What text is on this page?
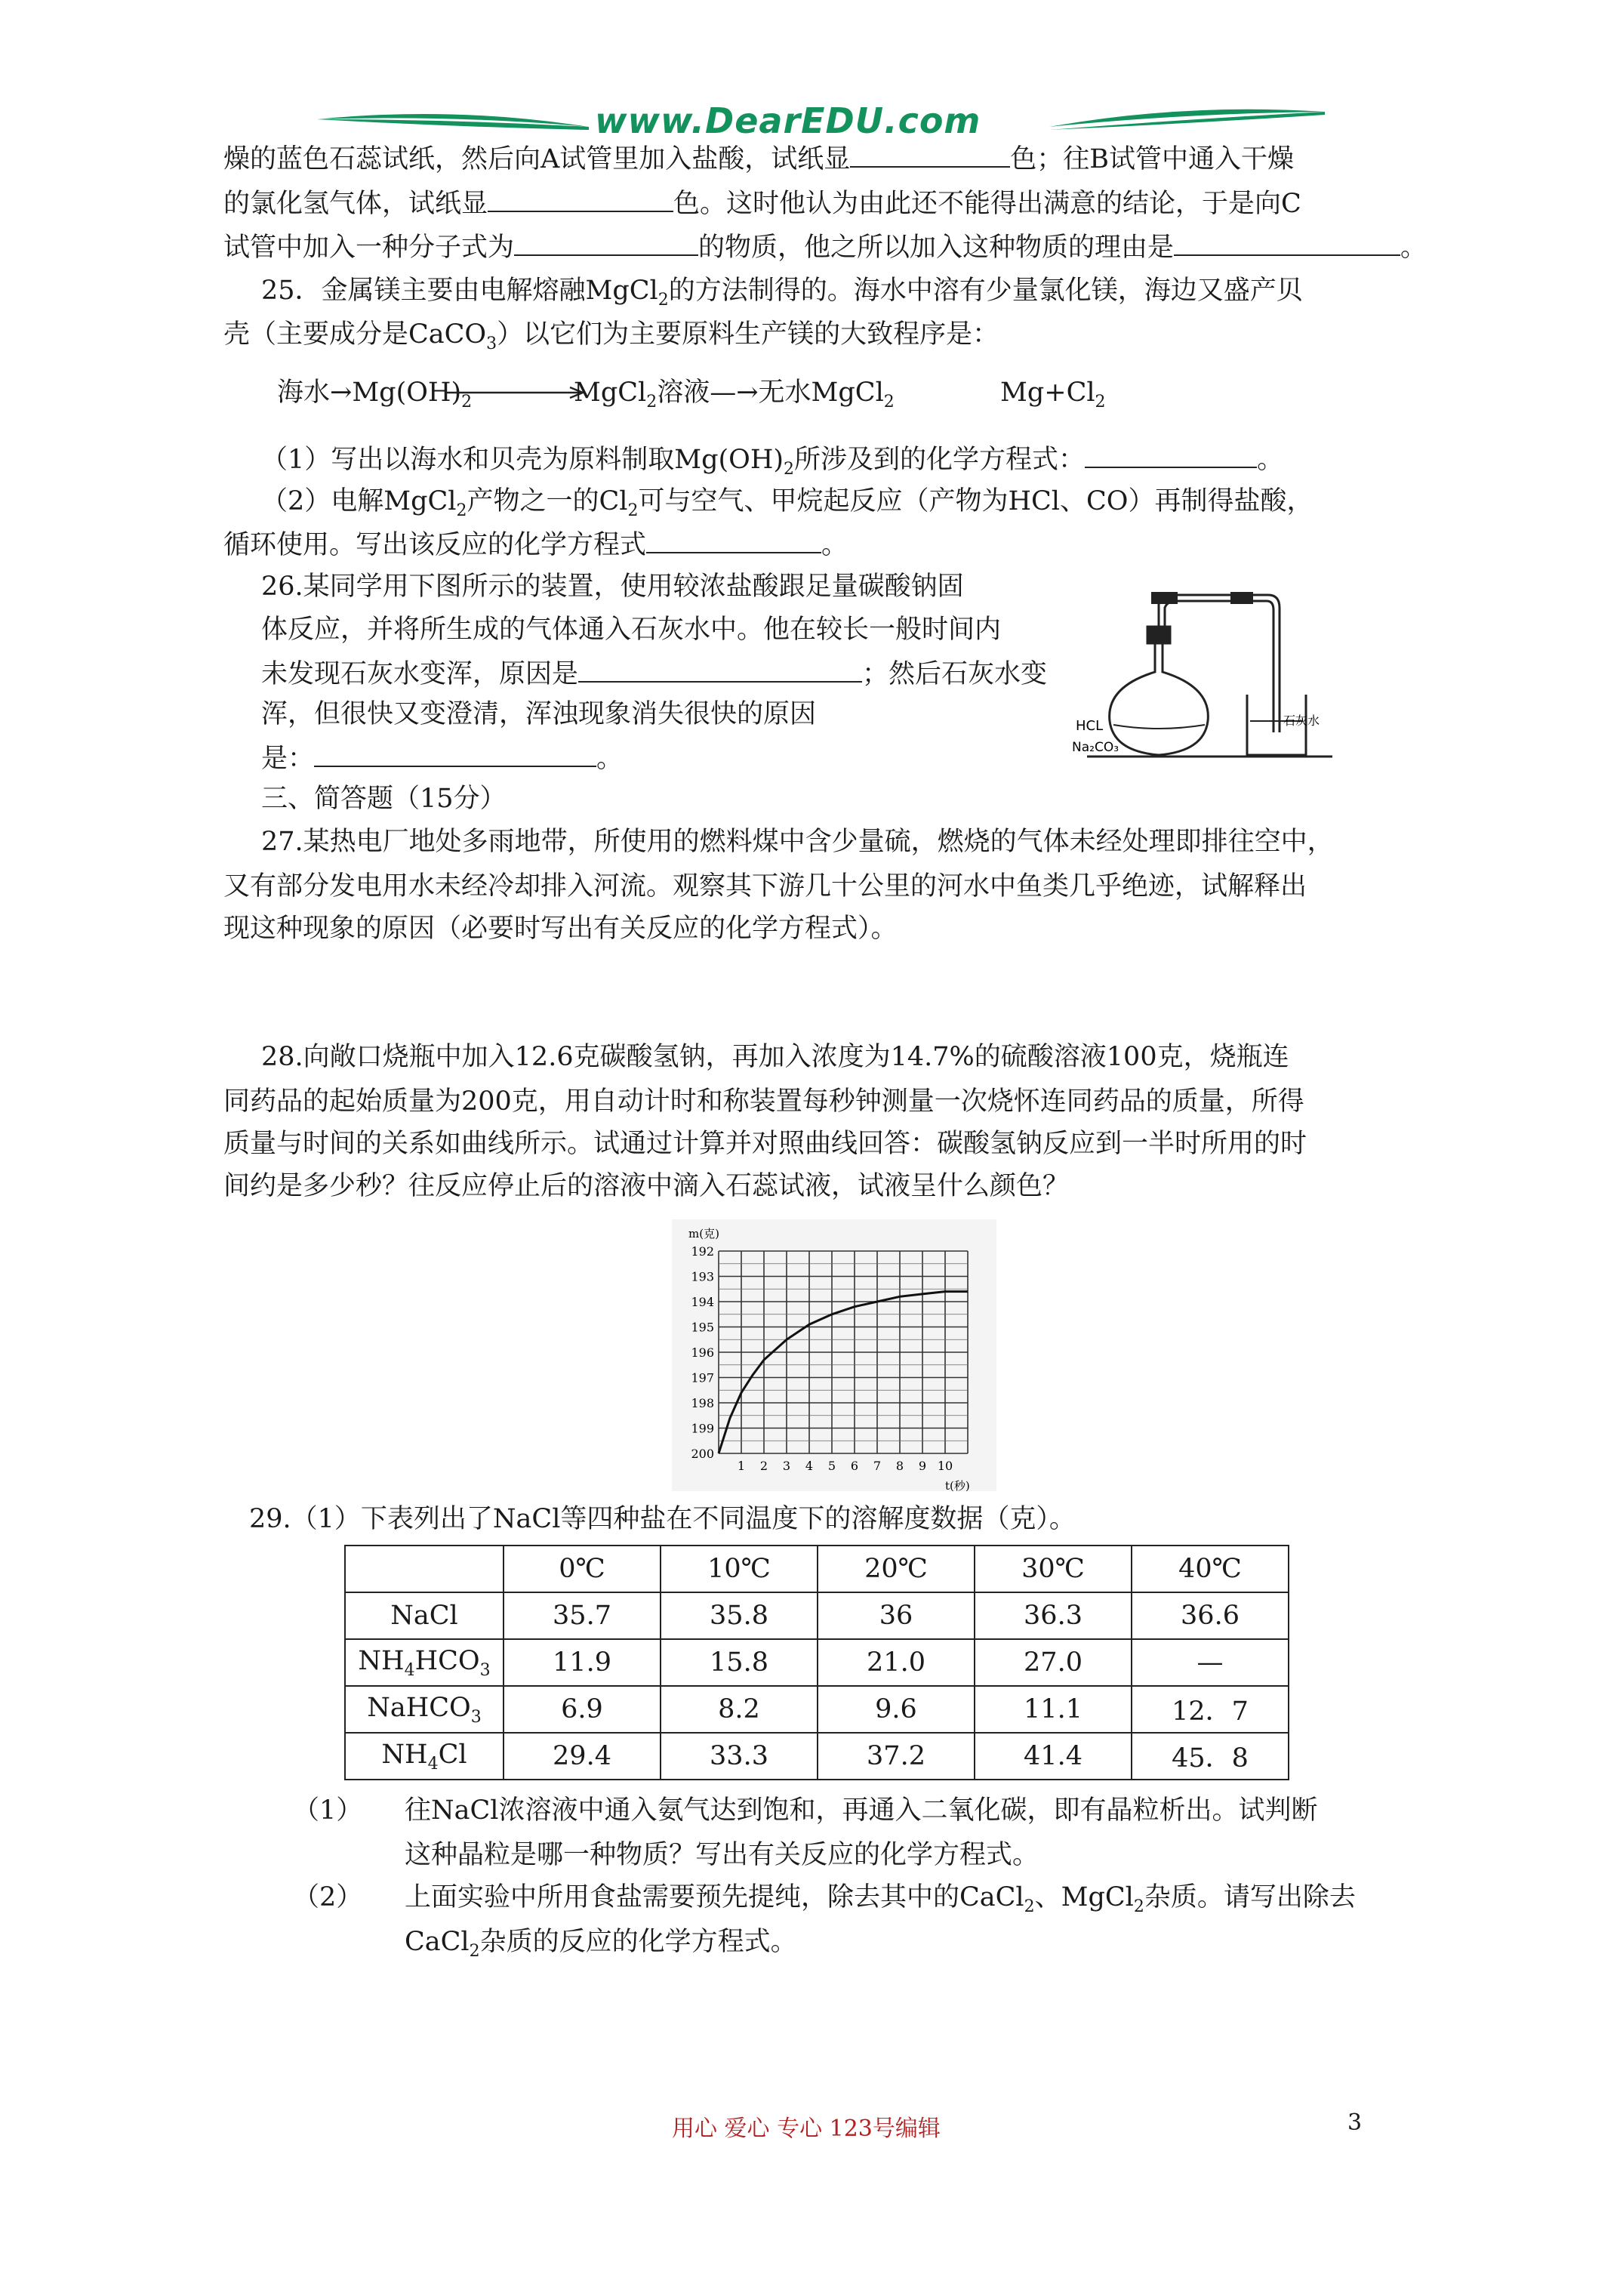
www.DearEDU.com
燥的蓝色石蕊试纸，然后向A试管里加入盐酸，试纸显	色；往B试管中通入干燥
的氯化氢气体，试纸显	色。这时他认为由此还不能得出满意的结论，于是向C
试管中加入一种分子式为	的物质，他之所以加入这种物质的理由是	。
25．金属镁主要由电解熔融MgCl$_2$的方法制得的。海水中溶有少量氯化镁，海边又盛产贝
壳（主要成分是CaCO$_3$）以它们为主要原料生产镁的大致程序是：
海水$\to Mg(OH)_2$	MgCl$_2$溶液—→无水MgCl$_2$	$Mg+Cl_2$
（1）写出以海水和贝壳为原料制取$Mg(OH)_2$所涉及到的化学方程式：	。
（2）电解MgCl$_2$产物之一的$Cl_2$可与空气、甲烷起反应（产物为HCl、CO）再制得盐酸，
循环使用。写出该反应的化学方程式	。
26.某同学用下图所示的装置，使用较浓盐酸跟足量碳酸钠固
体反应，并将所生成的气体通入石灰水中。他在较长一般时间内
未发现石灰水变浑，原因是	；然后石灰水变
浑，但很快又变澄清，浑浊现象消失很快的原因
是：	。
HCL
Na₂CO₃
石灰水
三、简答题（15分）
27.某热电厂地处多雨地带，所使用的燃料煤中含少量硫，燃烧的气体未经处理即排往空中，
又有部分发电用水未经冷却排入河流。观察其下游几十公里的河水中鱼类几乎绝迹，试解释出
现这种现象的原因（必要时写出有关反应的化学方程式）。
28.向敞口烧瓶中加入12.6克碳酸氢钠，再加入浓度为14.7%的硫酸溶液100克，烧瓶连
同药品的起始质量为200克，用自动计时和称装置每秒钟测量一次烧怀连同药品的质量，所得
质量与时间的关系如曲线所示。试通过计算并对照曲线回答：碳酸氢钠反应到一半时所用的时
间约是多少秒？往反应停止后的溶液中滴入石蕊试液，试液呈什么颜色？
192
193
194
195
196
197
198
199
200
1 2 3 4 5 6 7 8 9 10
m(克)
t(秒)
29.（1）下表列出了NaCl等四种盐在不同温度下的溶解度数据（克）。
	0℃	10℃	20℃	30℃	40℃
NaCl	35.7	35.8	36	36.3	36.6
$NH_4HCO_3$	11.9	15.8	21.0	27.0	—
NaHCO$_3$	6.9	8.2	9.6	11.1	12．7
$NH_4Cl$	29.4	33.3	37.2	41.4	45．8
（1） 往NaCl浓溶液中通入氨气达到饱和，再通入二氧化碳，即有晶粒析出。试判断
这种晶粒是哪一种物质？写出有关反应的化学方程式。
（2） 上面实验中所用食盐需要预先提纯，除去其中的CaCl$_2$、MgCl$_2$杂质。请写出除去
CaCl$_2$杂质的反应的化学方程式。
用心 爱心 专心 123号编辑	3
